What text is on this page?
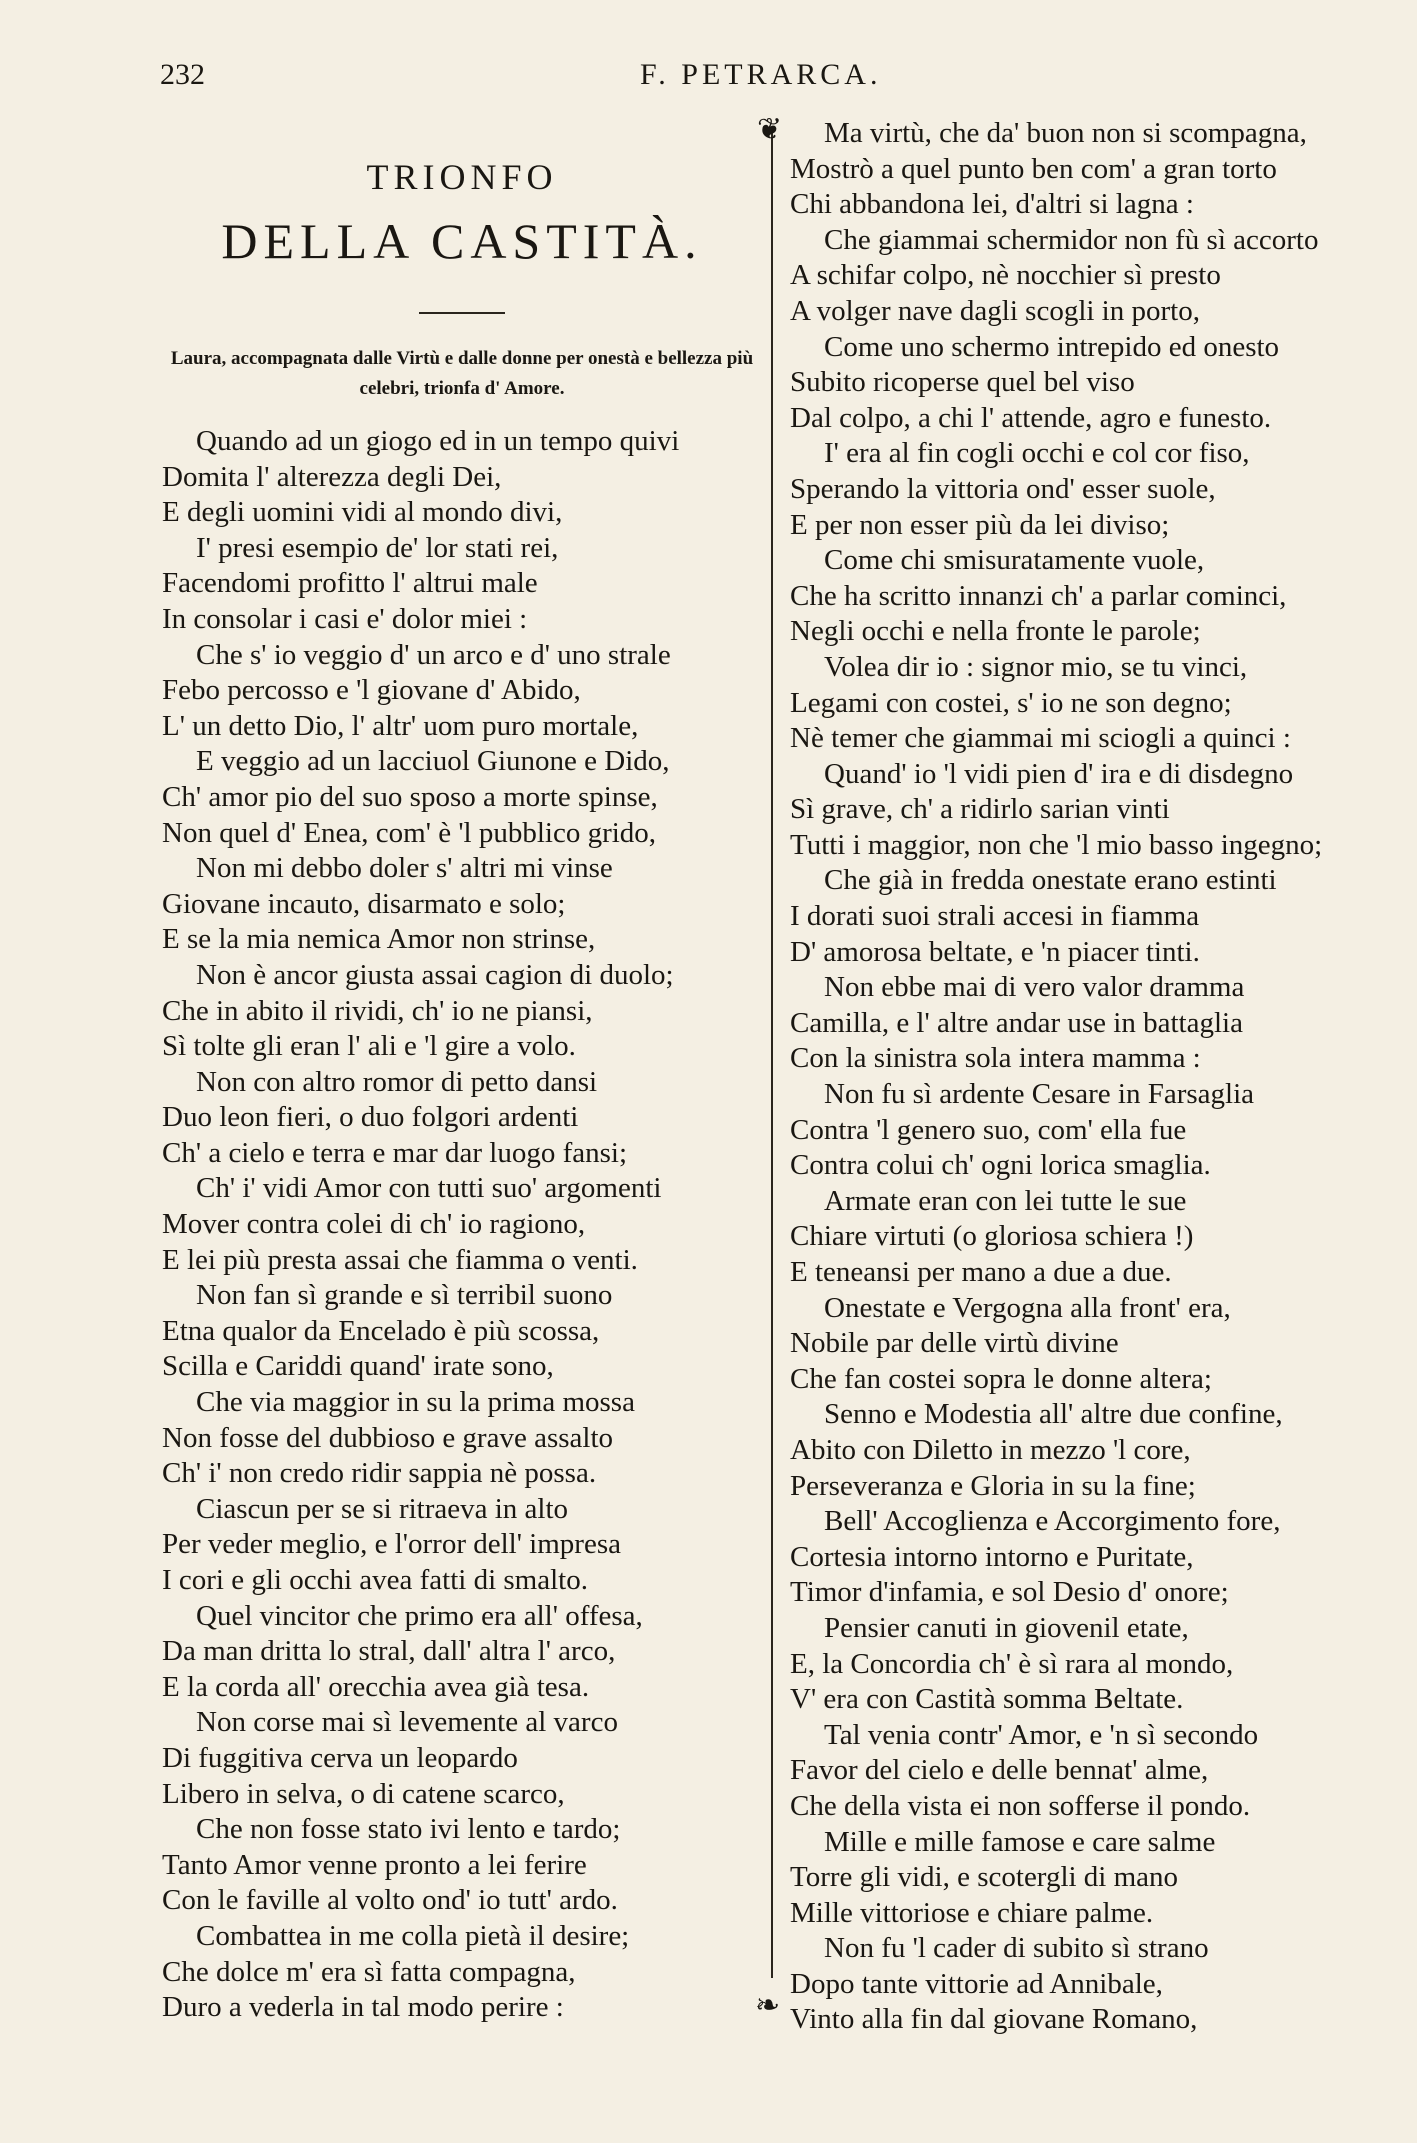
232	F. PETRARCA.
❦
❧
TRIONFO
DELLA CASTITÀ.
Laura, accompagnata dalle Virtù e dalle donne per onestà e bellezza più celebri, trionfa d' Amore.
Quando ad un giogo ed in un tempo quivi
Domita l' alterezza degli Dei,
E degli uomini vidi al mondo divi,
I' presi esempio de' lor stati rei,
Facendomi profitto l' altrui male
In consolar i casi e' dolor miei :
Che s' io veggio d' un arco e d' uno strale
Febo percosso e 'l giovane d' Abido,
L' un detto Dio, l' altr' uom puro mortale,
E veggio ad un lacciuol Giunone e Dido,
Ch' amor pio del suo sposo a morte spinse,
Non quel d' Enea, com' è 'l pubblico grido,
Non mi debbo doler s' altri mi vinse
Giovane incauto, disarmato e solo;
E se la mia nemica Amor non strinse,
Non è ancor giusta assai cagion di duolo;
Che in abito il rividi, ch' io ne piansi,
Sì tolte gli eran l' ali e 'l gire a volo.
Non con altro romor di petto dansi
Duo leon fieri, o duo folgori ardenti
Ch' a cielo e terra e mar dar luogo fansi;
Ch' i' vidi Amor con tutti suo' argomenti
Mover contra colei di ch' io ragiono,
E lei più presta assai che fiamma o venti.
Non fan sì grande e sì terribil suono
Etna qualor da Encelado è più scossa,
Scilla e Cariddi quand' irate sono,
Che via maggior in su la prima mossa
Non fosse del dubbioso e grave assalto
Ch' i' non credo ridir sappia nè possa.
Ciascun per se si ritraeva in alto
Per veder meglio, e l'orror dell' impresa
I cori e gli occhi avea fatti di smalto.
Quel vincitor che primo era all' offesa,
Da man dritta lo stral, dall' altra l' arco,
E la corda all' orecchia avea già tesa.
Non corse mai sì levemente al varco
Di fuggitiva cerva un leopardo
Libero in selva, o di catene scarco,
Che non fosse stato ivi lento e tardo;
Tanto Amor venne pronto a lei ferire
Con le faville al volto ond' io tutt' ardo.
Combattea in me colla pietà il desire;
Che dolce m' era sì fatta compagna,
Duro a vederla in tal modo perire :
Ma virtù, che da' buon non si scompagna,
Mostrò a quel punto ben com' a gran torto
Chi abbandona lei, d'altri si lagna :
Che giammai schermidor non fù sì accorto
A schifar colpo, nè nocchier sì presto
A volger nave dagli scogli in porto,
Come uno schermo intrepido ed onesto
Subito ricoperse quel bel viso
Dal colpo, a chi l' attende, agro e funesto.
I' era al fin cogli occhi e col cor fiso,
Sperando la vittoria ond' esser suole,
E per non esser più da lei diviso;
Come chi smisuratamente vuole,
Che ha scritto innanzi ch' a parlar cominci,
Negli occhi e nella fronte le parole;
Volea dir io : signor mio, se tu vinci,
Legami con costei, s' io ne son degno;
Nè temer che giammai mi sciogli a quinci :
Quand' io 'l vidi pien d' ira e di disdegno
Sì grave, ch' a ridirlo sarian vinti
Tutti i maggior, non che 'l mio basso ingegno;
Che già in fredda onestate erano estinti
I dorati suoi strali accesi in fiamma
D' amorosa beltate, e 'n piacer tinti.
Non ebbe mai di vero valor dramma
Camilla, e l' altre andar use in battaglia
Con la sinistra sola intera mamma :
Non fu sì ardente Cesare in Farsaglia
Contra 'l genero suo, com' ella fue
Contra colui ch' ogni lorica smaglia.
Armate eran con lei tutte le sue
Chiare virtuti (o gloriosa schiera !)
E teneansi per mano a due a due.
Onestate e Vergogna alla front' era,
Nobile par delle virtù divine
Che fan costei sopra le donne altera;
Senno e Modestia all' altre due confine,
Abito con Diletto in mezzo 'l core,
Perseveranza e Gloria in su la fine;
Bell' Accoglienza e Accorgimento fore,
Cortesia intorno intorno e Puritate,
Timor d'infamia, e sol Desio d' onore;
Pensier canuti in giovenil etate,
E, la Concordia ch' è sì rara al mondo,
V' era con Castità somma Beltate.
Tal venia contr' Amor, e 'n sì secondo
Favor del cielo e delle bennat' alme,
Che della vista ei non sofferse il pondo.
Mille e mille famose e care salme
Torre gli vidi, e scotergli di mano
Mille vittoriose e chiare palme.
Non fu 'l cader di subito sì strano
Dopo tante vittorie ad Annibale,
Vinto alla fin dal giovane Romano,
